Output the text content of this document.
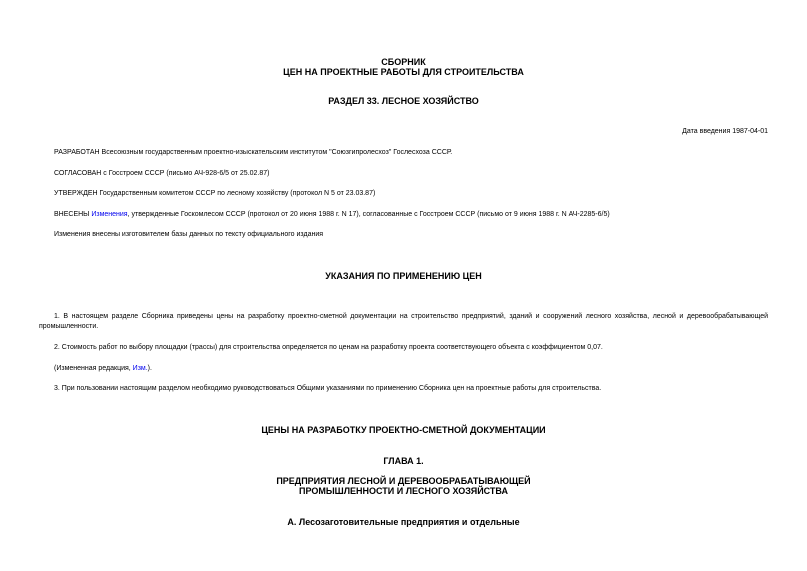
СБОРНИК
ЦЕН НА ПРОЕКТНЫЕ РАБОТЫ ДЛЯ СТРОИТЕЛЬСТВА
РАЗДЕЛ 33. ЛЕСНОЕ ХОЗЯЙСТВО
Дата введения 1987-04-01
РАЗРАБОТАН Всесоюзным государственным проектно-изыскательским институтом "Союзгипролесхоз" Гослесхоза СССР.
СОГЛАСОВАН с Госстроем СССР (письмо АЧ-928-6/5 от 25.02.87)
УТВЕРЖДЕН Государственным комитетом СССР по лесному хозяйству (протокол N 5 от 23.03.87)
ВНЕСЕНЫ Изменения, утвержденные Госкомлесом СССР (протокол от 20 июня 1988 г. N 17), согласованные с Госстроем СССР (письмо от 9 июня 1988 г. N АЧ-2285-6/5)
Изменения внесены изготовителем базы данных по тексту официального издания
УКАЗАНИЯ ПО ПРИМЕНЕНИЮ ЦЕН
1. В настоящем разделе Сборника приведены цены на разработку проектно-сметной документации на строительство предприятий, зданий и сооружений лесного хозяйства, лесной и деревообрабатывающей промышленности.
2. Стоимость работ по выбору площадки (трассы) для строительства определяется по ценам на разработку проекта соответствующего объекта с коэффициентом 0,07.
(Измененная редакция, Изм.).
3. При пользовании настоящим разделом необходимо руководствоваться Общими указаниями по применению Сборника цен на проектные работы для строительства.
ЦЕНЫ НА РАЗРАБОТКУ ПРОЕКТНО-СМЕТНОЙ ДОКУМЕНТАЦИИ
ГЛАВА 1.
ПРЕДПРИЯТИЯ ЛЕСНОЙ И ДЕРЕВООБРАБАТЫВАЮЩЕЙ
ПРОМЫШЛЕННОСТИ И ЛЕСНОГО ХОЗЯЙСТВА
А. Лесозаготовительные предприятия и отдельные
